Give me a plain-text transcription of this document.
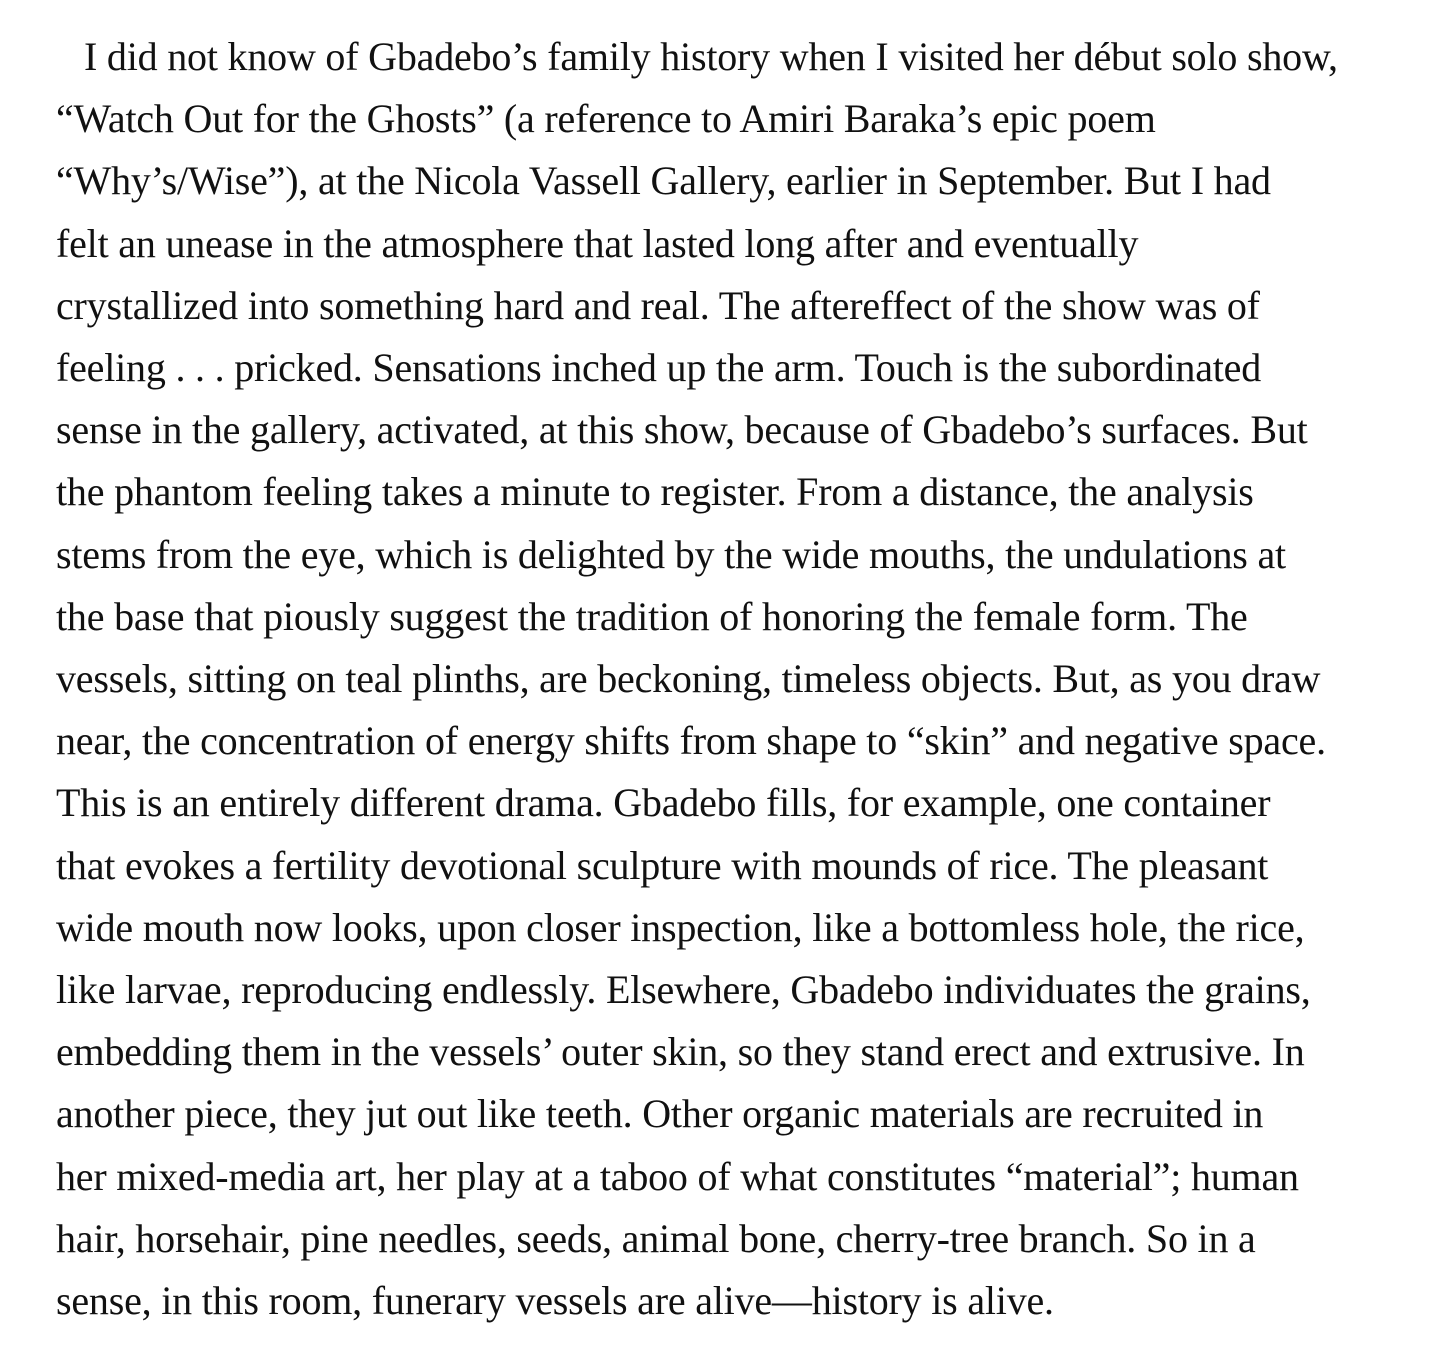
I did not know of Gbadebo’s family history when I visited her début solo show,
“Watch Out for the Ghosts” (a reference to Amiri Baraka’s epic poem
“Why’s/Wise”), at the Nicola Vassell Gallery, earlier in September. But I had
felt an unease in the atmosphere that lasted long after and eventually
crystallized into something hard and real. The aftereffect of the show was of
feeling . . . pricked. Sensations inched up the arm. Touch is the subordinated
sense in the gallery, activated, at this show, because of Gbadebo’s surfaces. But
the phantom feeling takes a minute to register. From a distance, the analysis
stems from the eye, which is delighted by the wide mouths, the undulations at
the base that piously suggest the tradition of honoring the female form. The
vessels, sitting on teal plinths, are beckoning, timeless objects. But, as you draw
near, the concentration of energy shifts from shape to “skin” and negative space.
This is an entirely different drama. Gbadebo fills, for example, one container
that evokes a fertility devotional sculpture with mounds of rice. The pleasant
wide mouth now looks, upon closer inspection, like a bottomless hole, the rice,
like larvae, reproducing endlessly. Elsewhere, Gbadebo individuates the grains,
embedding them in the vessels’ outer skin, so they stand erect and extrusive. In
another piece, they jut out like teeth. Other organic materials are recruited in
her mixed-media art, her play at a taboo of what constitutes “material”; human
hair, horsehair, pine needles, seeds, animal bone, cherry-tree branch. So in a
sense, in this room, funerary vessels are alive—history is alive.
